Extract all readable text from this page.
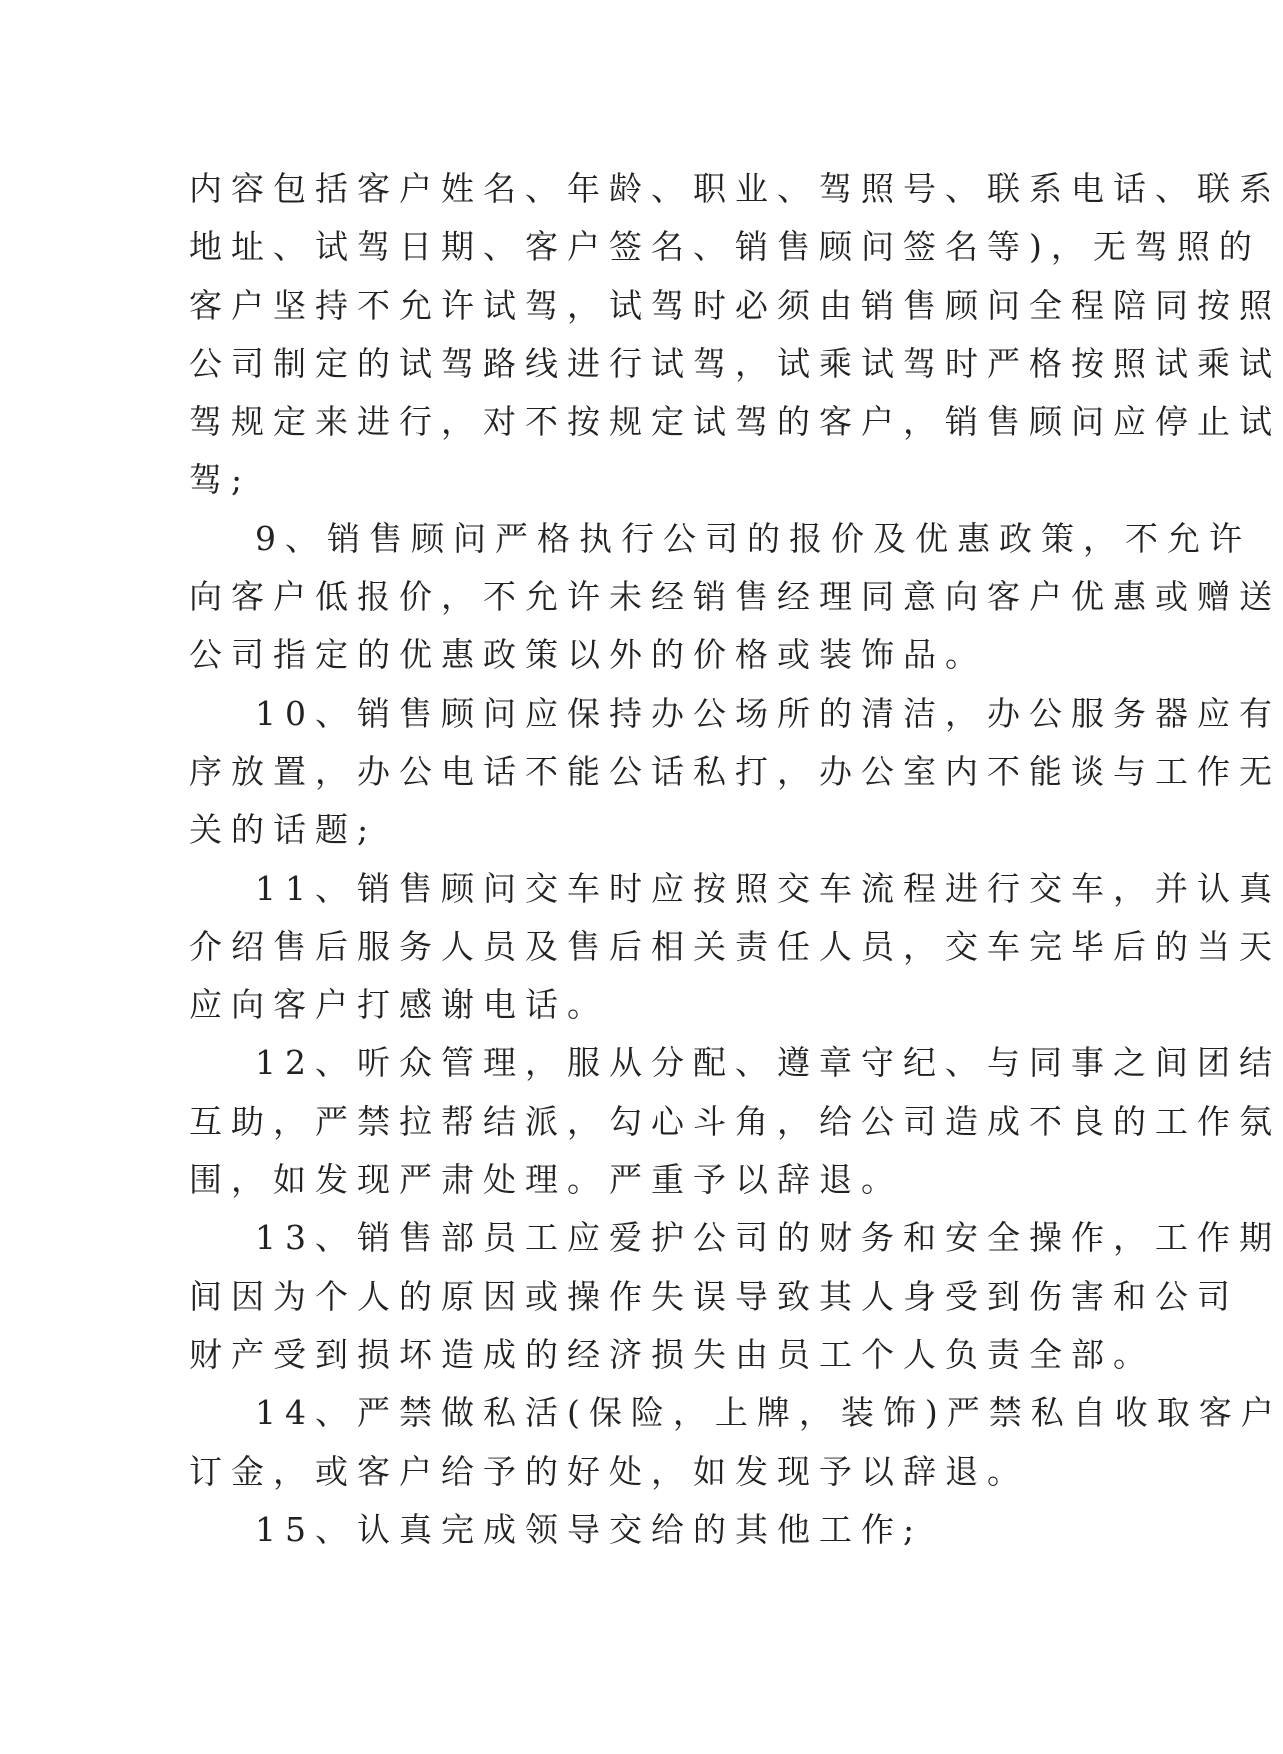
内容包括客户姓名、年龄、职业、驾照号、联系电话、联系
地址、试驾日期、客户签名、销售顾问签名等)，无驾照的
客户坚持不允许试驾，试驾时必须由销售顾问全程陪同按照
公司制定的试驾路线进行试驾，试乘试驾时严格按照试乘试
驾规定来进行，对不按规定试驾的客户，销售顾问应停止试
驾;
9、销售顾问严格执行公司的报价及优惠政策，不允许
向客户低报价，不允许未经销售经理同意向客户优惠或赠送
公司指定的优惠政策以外的价格或装饰品。
10、销售顾问应保持办公场所的清洁，办公服务器应有
序放置，办公电话不能公话私打，办公室内不能谈与工作无
关的话题;
11、销售顾问交车时应按照交车流程进行交车，并认真
介绍售后服务人员及售后相关责任人员，交车完毕后的当天
应向客户打感谢电话。
12、听众管理，服从分配、遵章守纪、与同事之间团结
互助，严禁拉帮结派，勾心斗角，给公司造成不良的工作氛
围，如发现严肃处理。严重予以辞退。
13、销售部员工应爱护公司的财务和安全操作，工作期
间因为个人的原因或操作失误导致其人身受到伤害和公司
财产受到损坏造成的经济损失由员工个人负责全部。
14、严禁做私活(保险，上牌，装饰)严禁私自收取客户
订金，或客户给予的好处，如发现予以辞退。
15、认真完成领导交给的其他工作;
